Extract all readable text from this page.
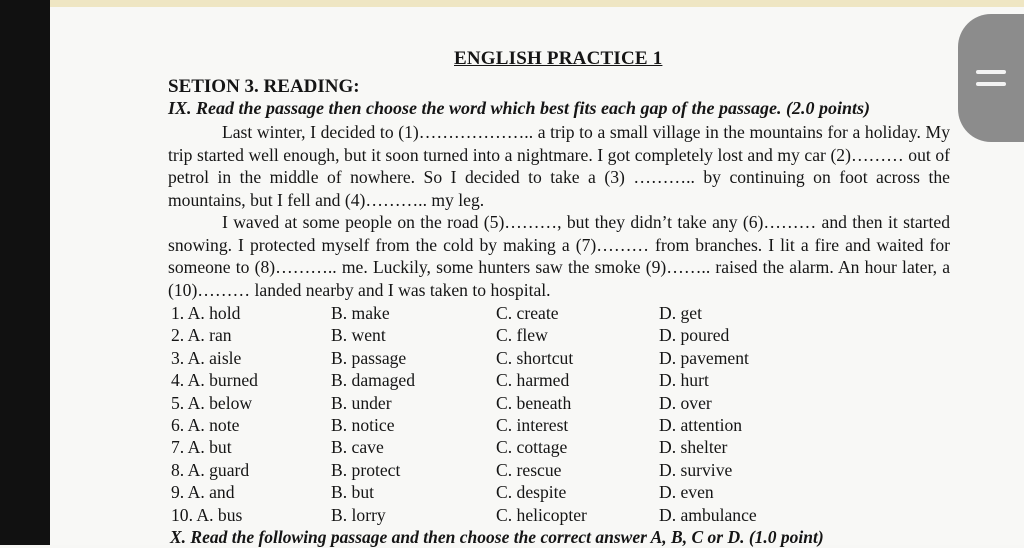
ENGLISH PRACTICE 1
SETION 3. READING:
IX. Read the passage then choose the word which best fits each gap of the passage. (2.0 points)

Last winter, I decided to (1)……………….. a trip to a small village in the mountains for a holiday. My trip started well enough, but it soon turned into a nightmare. I got completely lost and my car (2)……… out of petrol in the middle of nowhere. So I decided to take a (3) ……….. by continuing on foot across the mountains, but I fell and (4)……….. my leg.

I waved at some people on the road (5)………, but they didn’t take any (6)……… and then it started snowing. I protected myself from the cold by making a (7)……… from branches. I lit a fire and waited for someone to (8)……….. me. Luckily, some hunters saw the smoke (9)…….. raised the alarm. An hour later, a (10)……… landed nearby and I was taken to hospital.

1. A. hold	B. make	C. create	D. get
2. A. ran	B. went	C. flew	D. poured
3. A. aisle	B. passage	C. shortcut	D. pavement
4. A. burned	B. damaged	C. harmed	D. hurt
5. A. below	B. under	C. beneath	D. over
6. A. note	B. notice	C. interest	D. attention
7. A. but	B. cave	C. cottage	D. shelter
8. A. guard	B. protect	C. rescue	D. survive
9. A. and	B. but	C. despite	D. even
10. A. bus	B. lorry	C. helicopter	D. ambulance
X. Read the following passage and then choose the correct answer A, B, C or D. (1.0 point)
